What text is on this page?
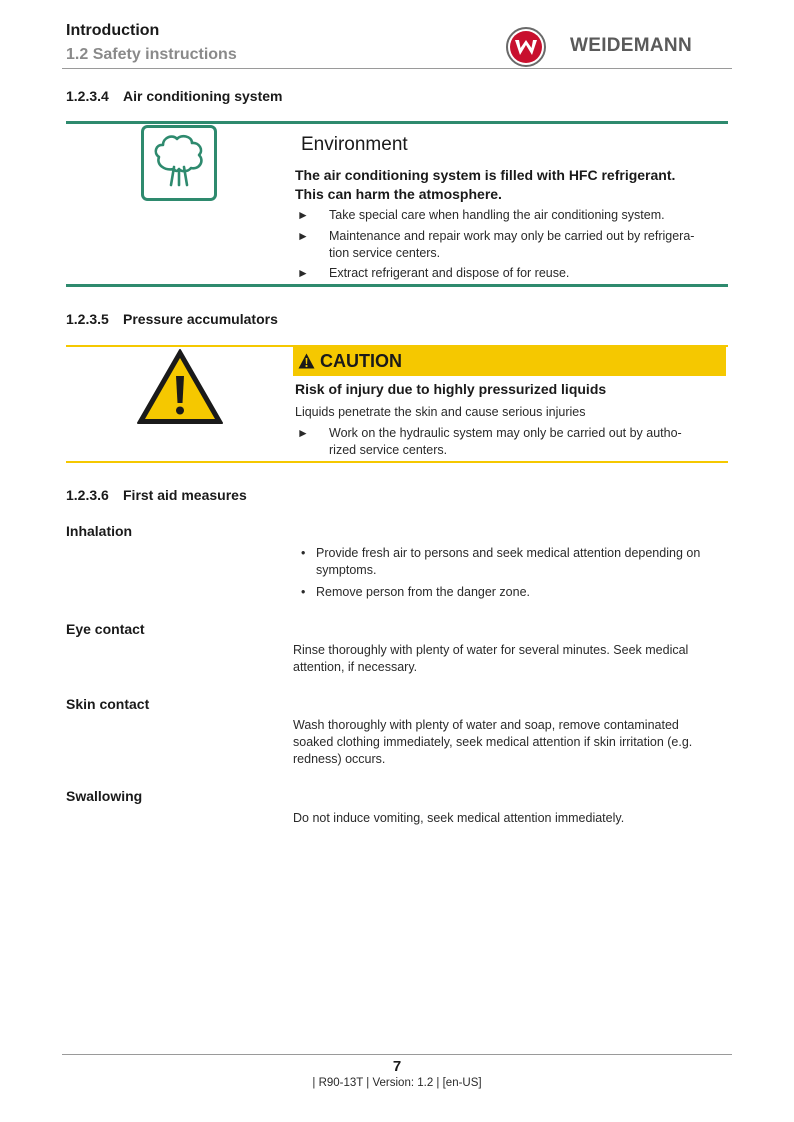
Introduction
1.2 Safety instructions	WEIDEMANN
1.2.3.4 Air conditioning system
Environment
The air conditioning system is filled with HFC refrigerant.
This can harm the atmosphere.
► Take special care when handling the air conditioning system.
► Maintenance and repair work may only be carried out by refrigera-
tion service centers.
► Extract refrigerant and dispose of for reuse.
1.2.3.5 Pressure accumulators
CAUTION
Risk of injury due to highly pressurized liquids
Liquids penetrate the skin and cause serious injuries
► Work on the hydraulic system may only be carried out by autho-
rized service centers.
1.2.3.6 First aid measures
Inhalation
• Provide fresh air to persons and seek medical attention depending on
symptoms.
• Remove person from the danger zone.
Eye contact
Rinse thoroughly with plenty of water for several minutes. Seek medical
attention, if necessary.
Skin contact
Wash thoroughly with plenty of water and soap, remove contaminated
soaked clothing immediately, seek medical attention if skin irritation (e.g.
redness) occurs.
Swallowing
Do not induce vomiting, seek medical attention immediately.
7
| R90-13T | Version: 1.2 | [en-US]
